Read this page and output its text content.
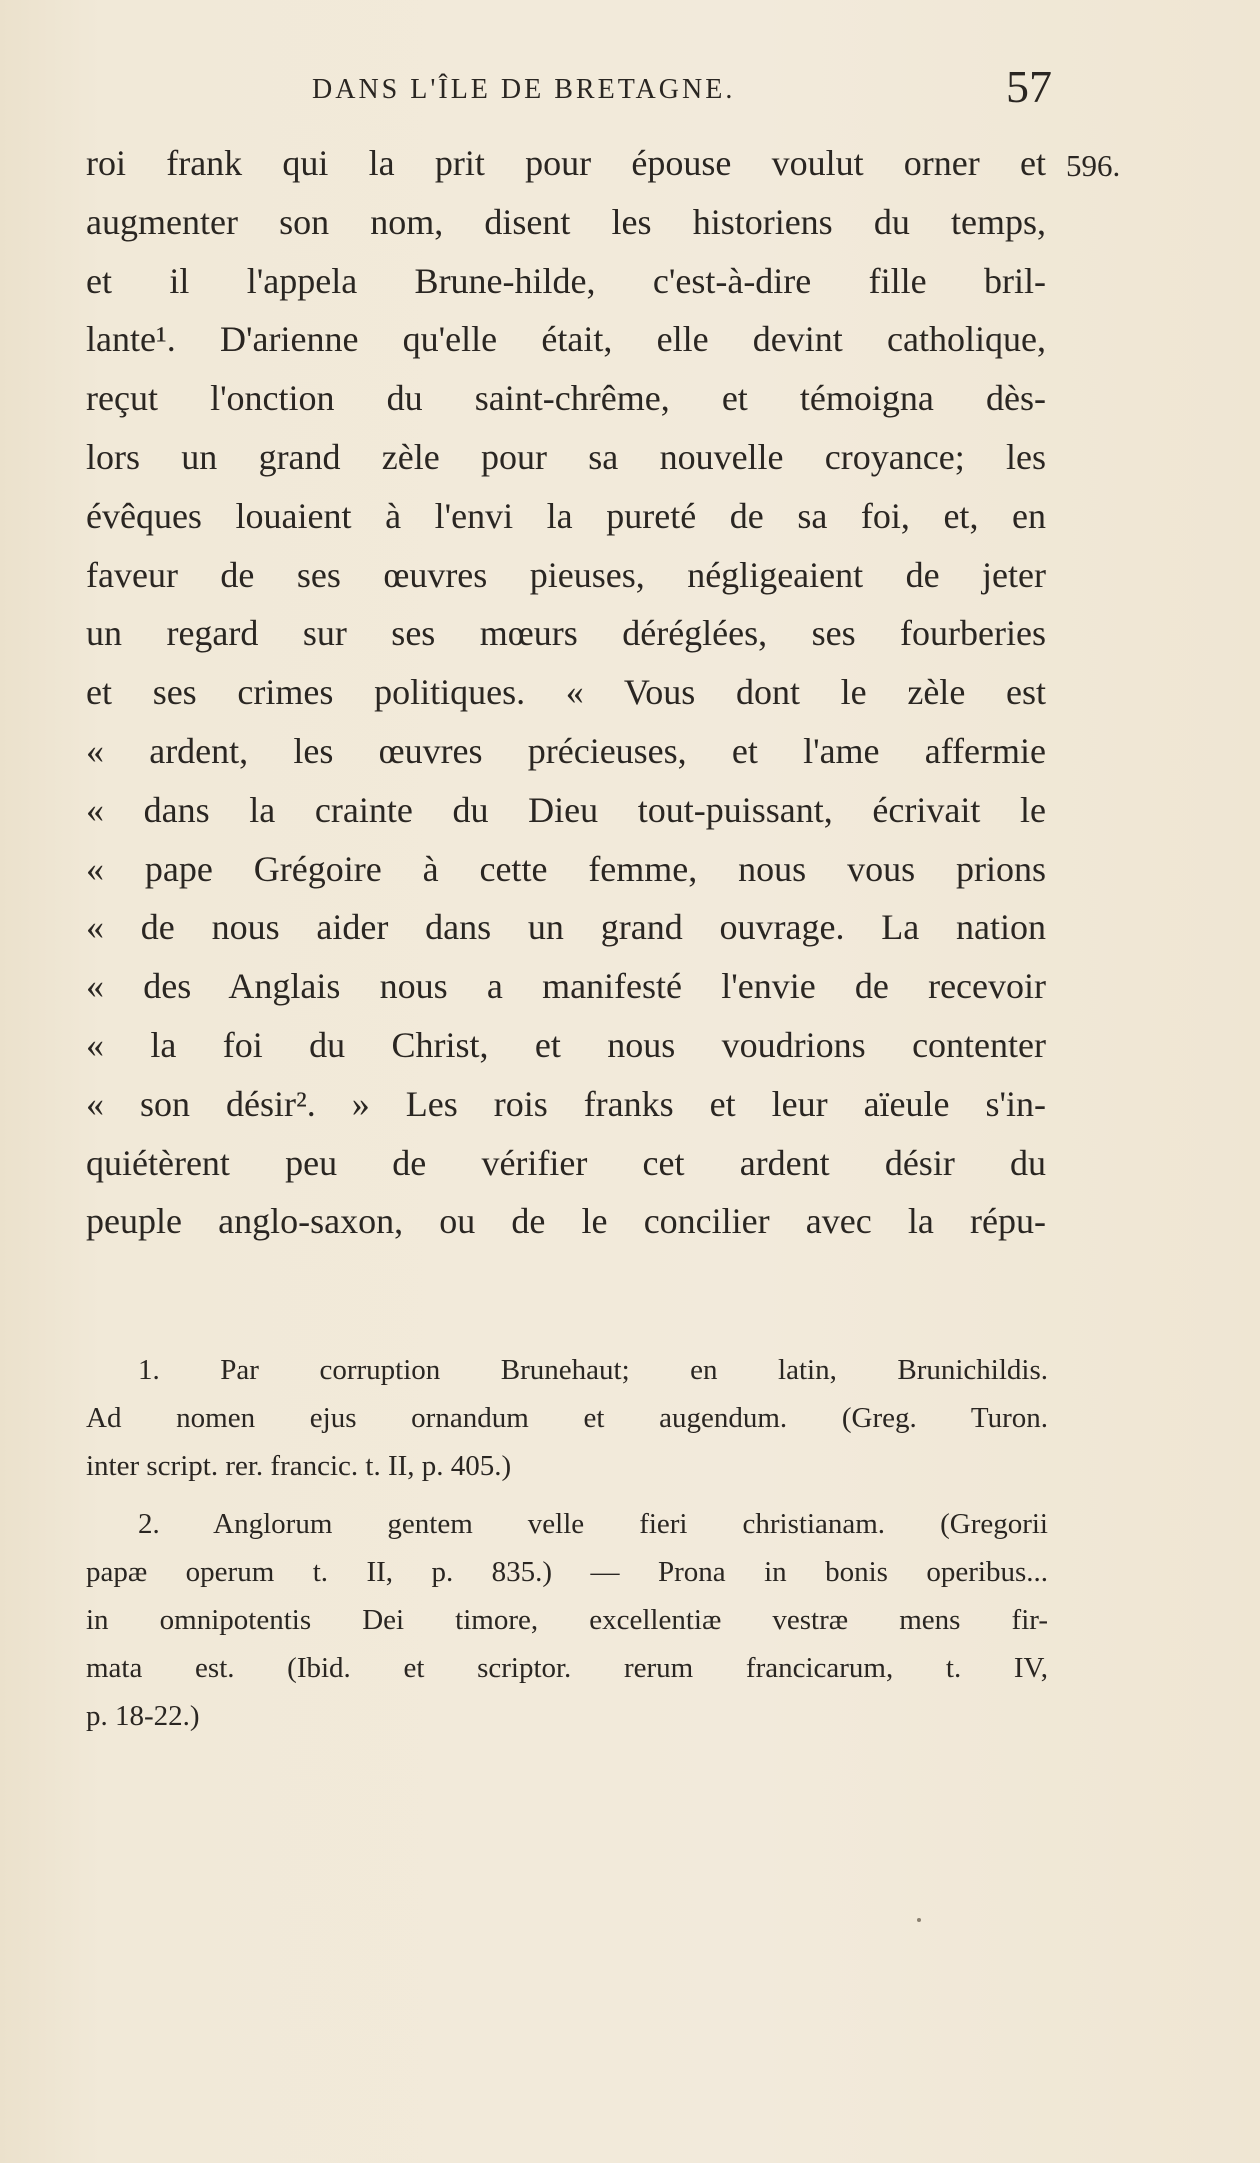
DANS L'ÎLE DE BRETAGNE.	57
596.
roi frank qui la prit pour épouse voulut orner et
augmenter son nom, disent les historiens du temps,
et il l'appela Brune-hilde, c'est-à-dire fille bril-
lante¹. D'arienne qu'elle était, elle devint catholique,
reçut l'onction du saint-chrême, et témoigna dès-
lors un grand zèle pour sa nouvelle croyance; les
évêques louaient à l'envi la pureté de sa foi, et, en
faveur de ses œuvres pieuses, négligeaient de jeter
un regard sur ses mœurs déréglées, ses fourberies
et ses crimes politiques. « Vous dont le zèle est
« ardent, les œuvres précieuses, et l'ame affermie
« dans la crainte du Dieu tout-puissant, écrivait le
« pape Grégoire à cette femme, nous vous prions
« de nous aider dans un grand ouvrage. La nation
« des Anglais nous a manifesté l'envie de recevoir
« la foi du Christ, et nous voudrions contenter
« son désir². » Les rois franks et leur aïeule s'in-
quiétèrent peu de vérifier cet ardent désir du
peuple anglo-saxon, ou de le concilier avec la répu-
1. Par corruption Brunehaut; en latin, Brunichildis.
Ad nomen ejus ornandum et augendum. (Greg. Turon.
inter script. rer. francic. t. II, p. 405.)
2. Anglorum gentem velle fieri christianam. (Gregorii
papæ operum t. II, p. 835.) — Prona in bonis operibus...
in omnipotentis Dei timore, excellentiæ vestræ mens fir-
mata est. (Ibid. et scriptor. rerum francicarum, t. IV,
p. 18-22.)
